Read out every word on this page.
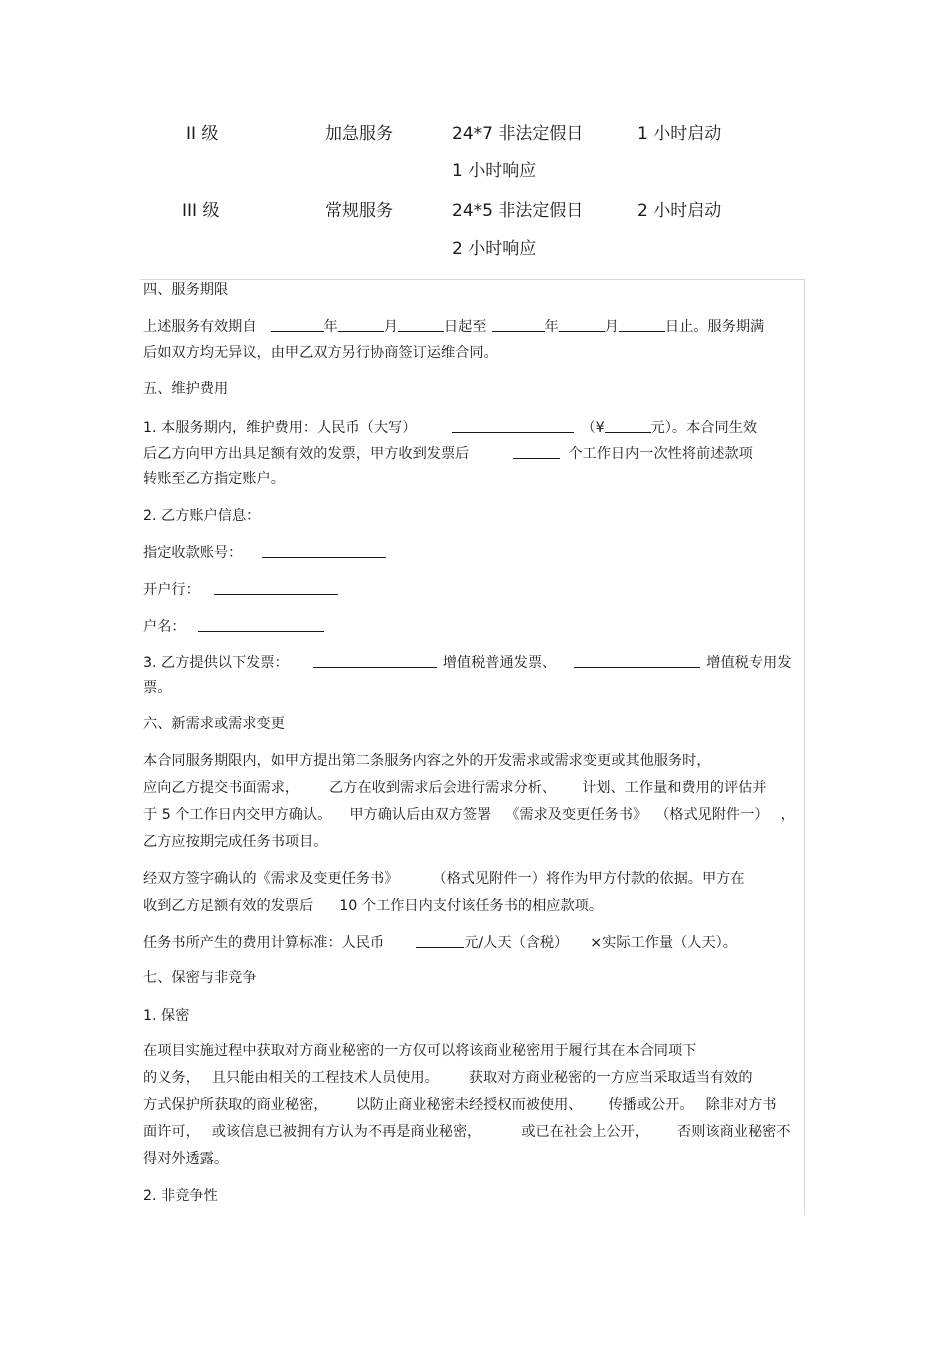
II 级	加急服务	24*7 非法定假日	1 小时启动
1 小时响应
III 级	常规服务	24*5 非法定假日	2 小时启动
2 小时响应
四、服务期限
上述服务有效期自	年	月	日起至	年	月	日止。服务期满
后如双方均无异议，由甲乙双方另行协商签订运维合同。
五、维护费用
1. 本服务期内，维护费用：人民币（大写）	（¥	元）。本合同生效
后乙方向甲方出具足额有效的发票，甲方收到发票后	个工作日内一次性将前述款项
转账至乙方指定账户。
2. 乙方账户信息：
指定收款账号：
开户行：
户名：
3. 乙方提供以下发票：	增值税普通发票、	增值税专用发
票。
六、新需求或需求变更
本合同服务期限内，如甲方提出第二条服务内容之外的开发需求或需求变更或其他服务时，
应向乙方提交书面需求， 乙方在收到需求后会进行需求分析、 计划、工作量和费用的评估并
于 5 个工作日内交甲方确认。 甲方确认后由双方签署 《需求及变更任务书》 （格式见附件一） ，
乙方应按期完成任务书项目。
经双方签字确认的《需求及变更任务书》 （格式见附件一）将作为甲方付款的依据。甲方在
收到乙方足额有效的发票后 10 个工作日内支付该任务书的相应款项。
任务书所产生的费用计算标准：人民币	元/人天（含税） ×实际工作量（人天）。
七、保密与非竞争
1. 保密
在项目实施过程中获取对方商业秘密的一方仅可以将该商业秘密用于履行其在本合同项下
的义务， 且只能由相关的工程技术人员使用。 获取对方商业秘密的一方应当采取适当有效的
方式保护所获取的商业秘密， 以防止商业秘密未经授权而被使用、 传播或公开。 除非对方书
面许可， 或该信息已被拥有方认为不再是商业秘密，	或已在社会上公开， 否则该商业秘密不
得对外透露。
2. 非竞争性
